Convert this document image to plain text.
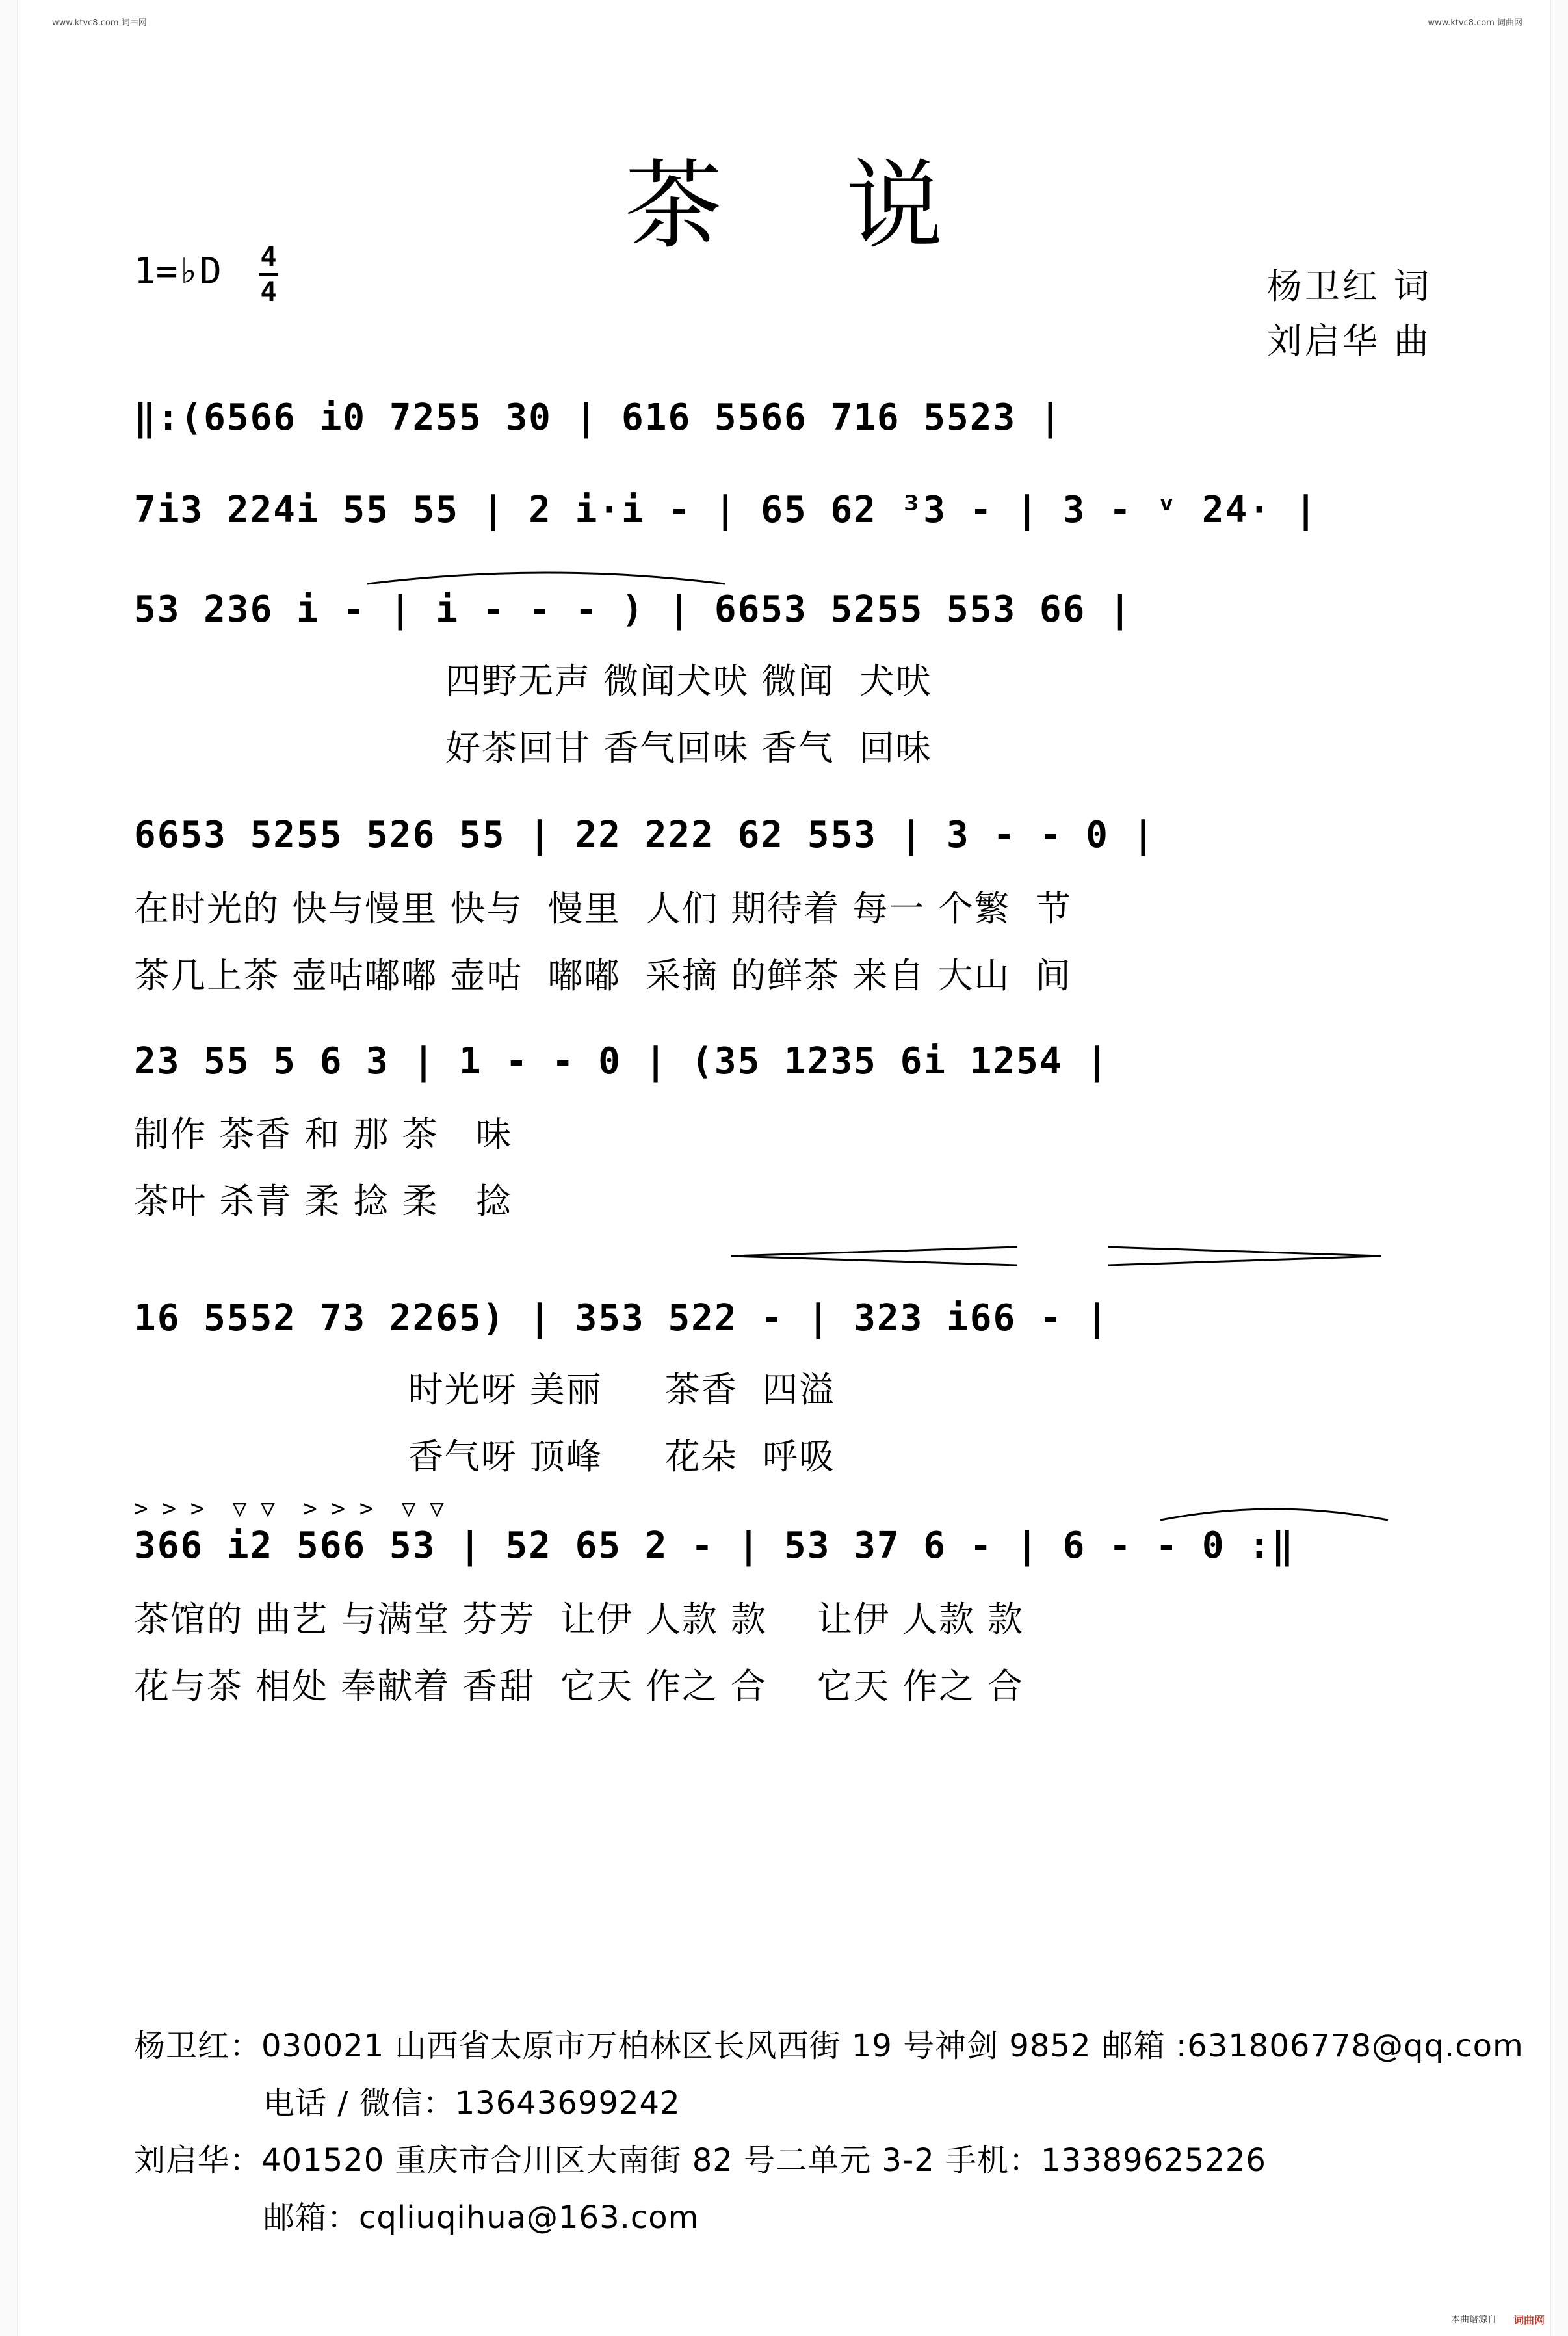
www.ktvc8.com 词曲网	www.ktvc8.com 词曲网
茶说
1=♭D 4
4	杨卫红 词
刘启华 曲
‖:(6566 i0 7255 30 | 616 5566 716 5523 |
7i3 224i 55 55 | 2 i·i - | 65 62 ³3 - | 3 - ᵛ 24· |
53 236 i - | i - - - ) | 6653 5255 553 66 |
四野无声 微闻犬吠 微闻  犬吠
好茶回甘 香气回味 香气  回味
6653 5255 526 55 | 22 222 62 553 | 3 - - 0 |
在时光的 快与慢里 快与  慢里  人们 期待着 每一 个繁  节
茶几上茶 壶咕嘟嘟 壶咕  嘟嘟  采摘 的鲜茶 来自 大山  间
23 55 5 6 3 | 1 - - 0 | (35 1235 6i 1254 |
制作 茶香 和 那 茶   味
茶叶 杀青 柔 捻 柔   捻
16 5552 73 2265) | 353 522 - | 323 i66 - |
时光呀 美丽     茶香  四溢
香气呀 顶峰     花朵  呼吸
> > >  ▽ ▽  > > >  ▽ ▽
366 i2 566 53 | 52 65 2 - | 53 37 6 - | 6 - - 0 :‖
茶馆的 曲艺 与满堂 芬芳  让伊 人款 款    让伊 人款 款
花与茶 相处 奉献着 香甜  它天 作之 合    它天 作之 合
杨卫红：030021 山西省太原市万柏林区长风西街 19 号神剑 9852 邮箱 :631806778@qq.com
电话 / 微信：13643699242
刘启华：401520 重庆市合川区大南街 82 号二单元 3-2 手机：13389625226
邮箱：cqliuqihua@163.com
本曲谱源自 词曲网
